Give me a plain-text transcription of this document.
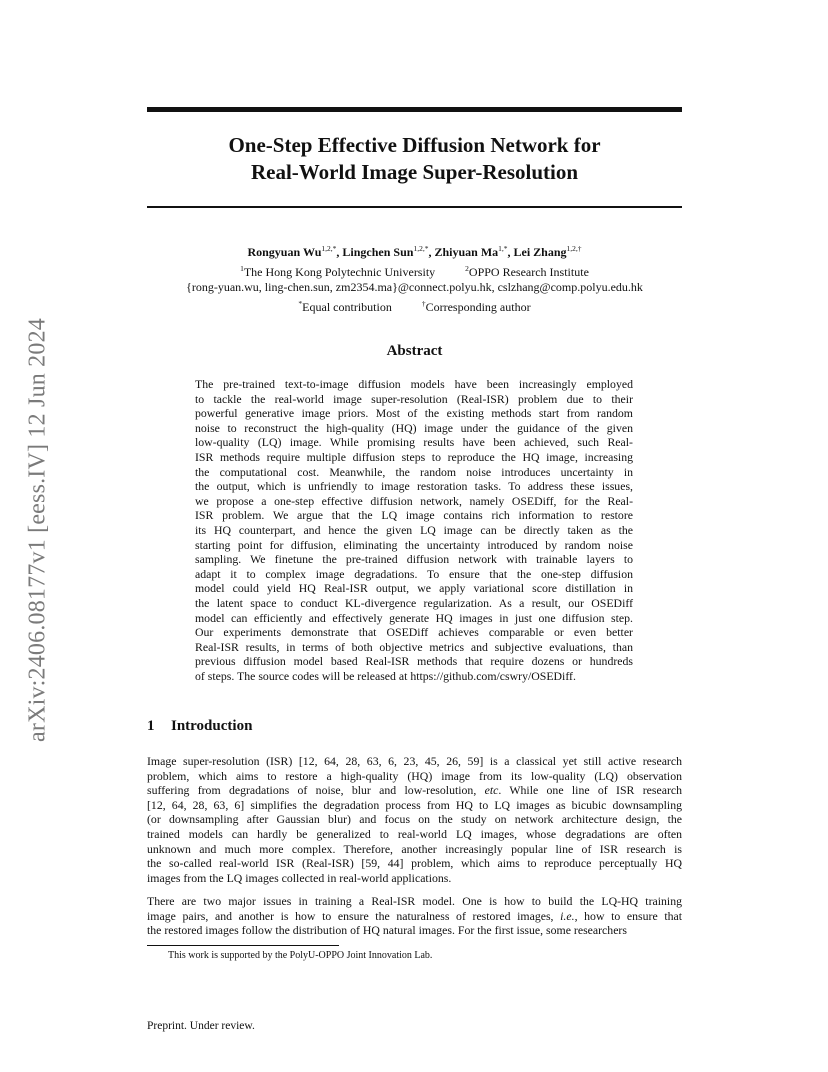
arXiv:2406.08177v1 [eess.IV] 12 Jun 2024
One-Step Effective Diffusion Network for
Real-World Image Super-Resolution
Rongyuan $Wu^{1,2,*}$, Lingchen Sun$^{1,2,*}$, Zhiyuan $Ma^{1,*}$, Lei Zhang$^{1,2,\dagger}$
$^1$The Hong Kong Polytechnic University	$^2$OPPO Research Institute
{rong-yuan.wu, ling-chen.sun, zm2354.ma}@connect.polyu.hk, cslzhang@comp.polyu.edu.hk
*Equal contribution	†Corresponding author
Abstract
The pre-trained text-to-image diffusion models have been increasingly employed
to tackle the real-world image super-resolution (Real-ISR) problem due to their
powerful generative image priors. Most of the existing methods start from random
noise to reconstruct the high-quality (HQ) image under the guidance of the given
low-quality (LQ) image. While promising results have been achieved, such Real-
ISR methods require multiple diffusion steps to reproduce the HQ image, increasing
the computational cost. Meanwhile, the random noise introduces uncertainty in
the output, which is unfriendly to image restoration tasks. To address these issues,
we propose a one-step effective diffusion network, namely OSEDiff, for the Real-
ISR problem. We argue that the LQ image contains rich information to restore
its HQ counterpart, and hence the given LQ image can be directly taken as the
starting point for diffusion, eliminating the uncertainty introduced by random noise
sampling. We finetune the pre-trained diffusion network with trainable layers to
adapt it to complex image degradations. To ensure that the one-step diffusion
model could yield HQ Real-ISR output, we apply variational score distillation in
the latent space to conduct KL-divergence regularization. As a result, our OSEDiff
model can efficiently and effectively generate HQ images in just one diffusion step.
Our experiments demonstrate that OSEDiff achieves comparable or even better
Real-ISR results, in terms of both objective metrics and subjective evaluations, than
previous diffusion model based Real-ISR methods that require dozens or hundreds
of steps. The source codes will be released at https://github.com/cswry/OSEDiff.
1 Introduction
Image super-resolution (ISR) [12, 64, 28, 63, 6, 23, 45, 26, 59] is a classical yet still active research
problem, which aims to restore a high-quality (HQ) image from its low-quality (LQ) observation
suffering from degradations of noise, blur and low-resolution, etc. While one line of ISR research
[12, 64, 28, 63, 6] simplifies the degradation process from HQ to LQ images as bicubic downsampling
(or downsampling after Gaussian blur) and focus on the study on network architecture design, the
trained models can hardly be generalized to real-world LQ images, whose degradations are often
unknown and much more complex. Therefore, another increasingly popular line of ISR research is
the so-called real-world ISR (Real-ISR) [59, 44] problem, which aims to reproduce perceptually HQ
images from the LQ images collected in real-world applications.
There are two major issues in training a Real-ISR model. One is how to build the LQ-HQ training
image pairs, and another is how to ensure the naturalness of restored images, i.e., how to ensure that
the restored images follow the distribution of HQ natural images. For the first issue, some researchers
This work is supported by the PolyU-OPPO Joint Innovation Lab.
Preprint. Under review.
